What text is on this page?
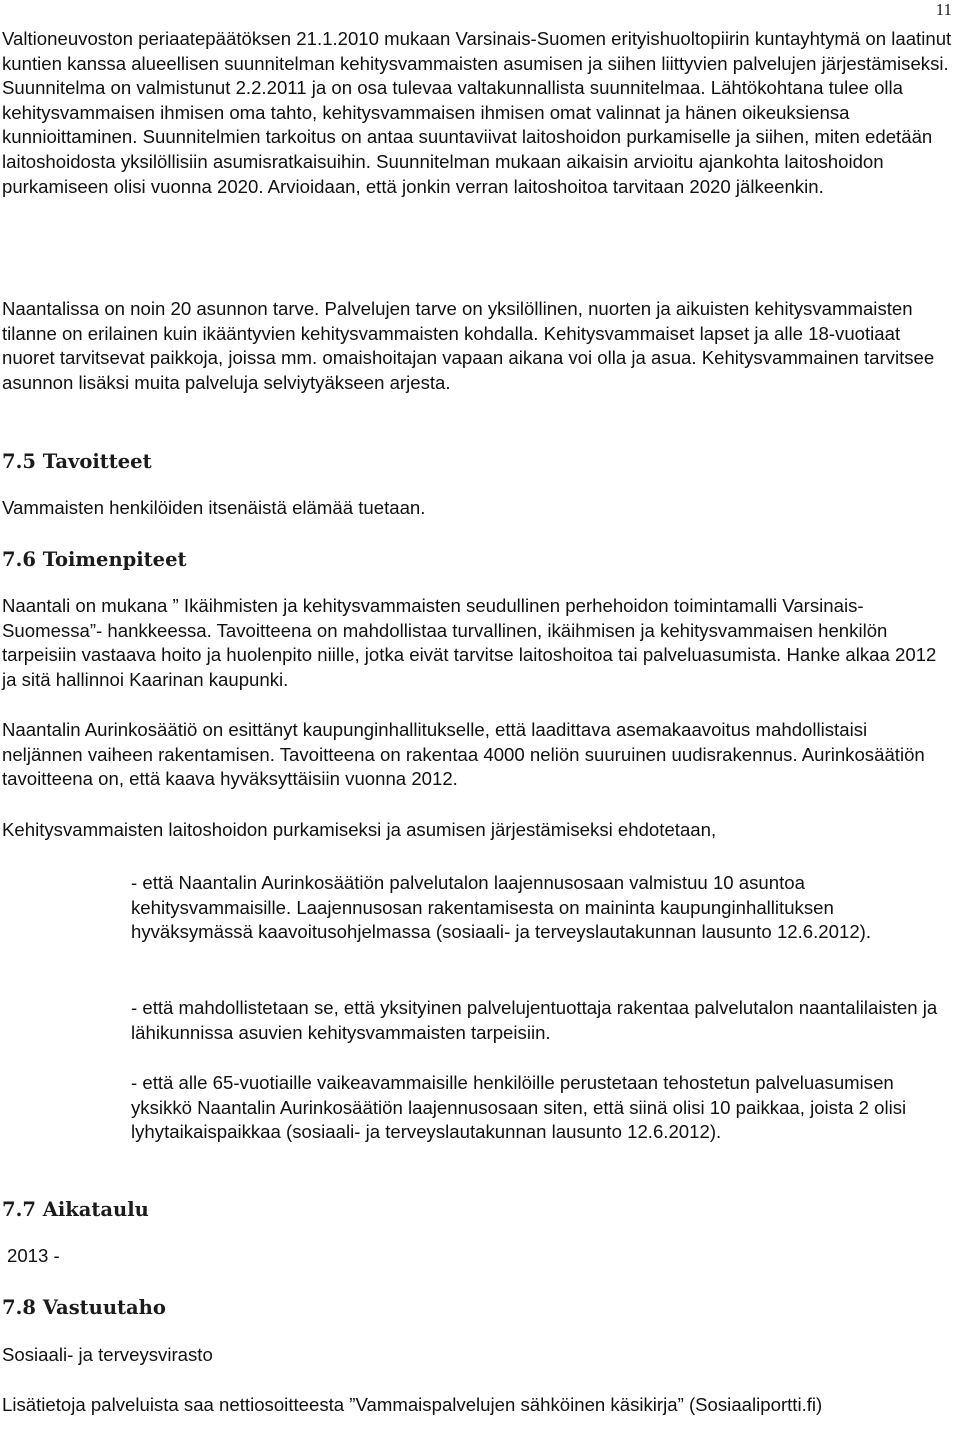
11

Valtioneuvoston periaatepäätöksen 21.1.2010 mukaan Varsinais-Suomen erityishuoltopiirin kuntayhtymä on laatinut kuntien kanssa alueellisen suunnitelman kehitysvammaisten asumisen ja siihen liittyvien palvelujen järjestämiseksi. Suunnitelma on valmistunut 2.2.2011 ja on osa tulevaa valtakunnallista suunnitelmaa. Lähtökohtana tulee olla kehitysvammaisen ihmisen oma tahto, kehitysvammaisen ihmisen omat valinnat ja hänen oikeuksiensa kunnioittaminen. Suunnitelmien tarkoitus on antaa suuntaviivat laitoshoidon purkamiselle ja siihen, miten edetään laitoshoidosta yksilöllisiin asumisratkaisuihin. Suunnitelman mukaan aikaisin arvioitu ajankohta laitoshoidon purkamiseen olisi vuonna 2020. Arvioidaan, että jonkin verran laitoshoitoa tarvitaan 2020 jälkeenkin.

Naantalissa on noin 20 asunnon tarve. Palvelujen tarve on yksilöllinen, nuorten ja aikuisten kehitysvammaisten tilanne on erilainen kuin ikääntyvien kehitysvammaisten kohdalla. Kehitysvammaiset lapset ja alle 18-vuotiaat nuoret tarvitsevat paikkoja, joissa mm. omaishoitajan vapaan aikana voi olla ja asua. Kehitysvammainen tarvitsee asunnon lisäksi muita palveluja selviytyäkseen arjesta.

7.5 Tavoitteet

Vammaisten henkilöiden itsenäistä elämää tuetaan.

7.6 Toimenpiteet

Naantali on mukana ” Ikäihmisten ja kehitysvammaisten seudullinen perhehoidon toimintamalli Varsinais-Suomessa”- hankkeessa. Tavoitteena on mahdollistaa turvallinen, ikäihmisen ja kehitysvammaisen henkilön tarpeisiin vastaava hoito ja huolenpito niille, jotka eivät tarvitse laitoshoitoa tai palveluasumista. Hanke alkaa 2012 ja sitä hallinnoi Kaarinan kaupunki.

Naantalin Aurinkosäätiö on esittänyt kaupunginhallitukselle, että laadittava asemakaavoitus mahdollistaisi neljännen vaiheen rakentamisen. Tavoitteena on rakentaa 4000 neliön suuruinen uudisrakennus. Aurinkosäätiön tavoitteena on, että kaava hyväksyttäisiin vuonna 2012.

Kehitysvammaisten laitoshoidon purkamiseksi ja asumisen järjestämiseksi ehdotetaan,

- että Naantalin Aurinkosäätiön palvelutalon laajennusosaan valmistuu 10 asuntoa kehitysvammaisille. Laajennusosan rakentamisesta on maininta kaupunginhallituksen hyväksymässä kaavoitusohjelmassa (sosiaali- ja terveyslautakunnan lausunto 12.6.2012).

- että mahdollistetaan se, että yksityinen palvelujentuottaja rakentaa palvelutalon naantalilaisten ja lähikunnissa asuvien kehitysvammaisten tarpeisiin.

- että alle 65-vuotiaille vaikeavammaisille henkilöille perustetaan tehostetun palveluasumisen yksikkö Naantalin Aurinkosäätiön laajennusosaan siten, että siinä olisi 10 paikkaa, joista 2 olisi lyhytaikaispaikkaa (sosiaali- ja terveyslautakunnan lausunto 12.6.2012).

7.7 Aikataulu

2013 -

7.8 Vastuutaho

Sosiaali- ja terveysvirasto

Lisätietoja palveluista saa nettiosoitteesta ”Vammaispalvelujen sähköinen käsikirja” (Sosiaaliportti.fi)
